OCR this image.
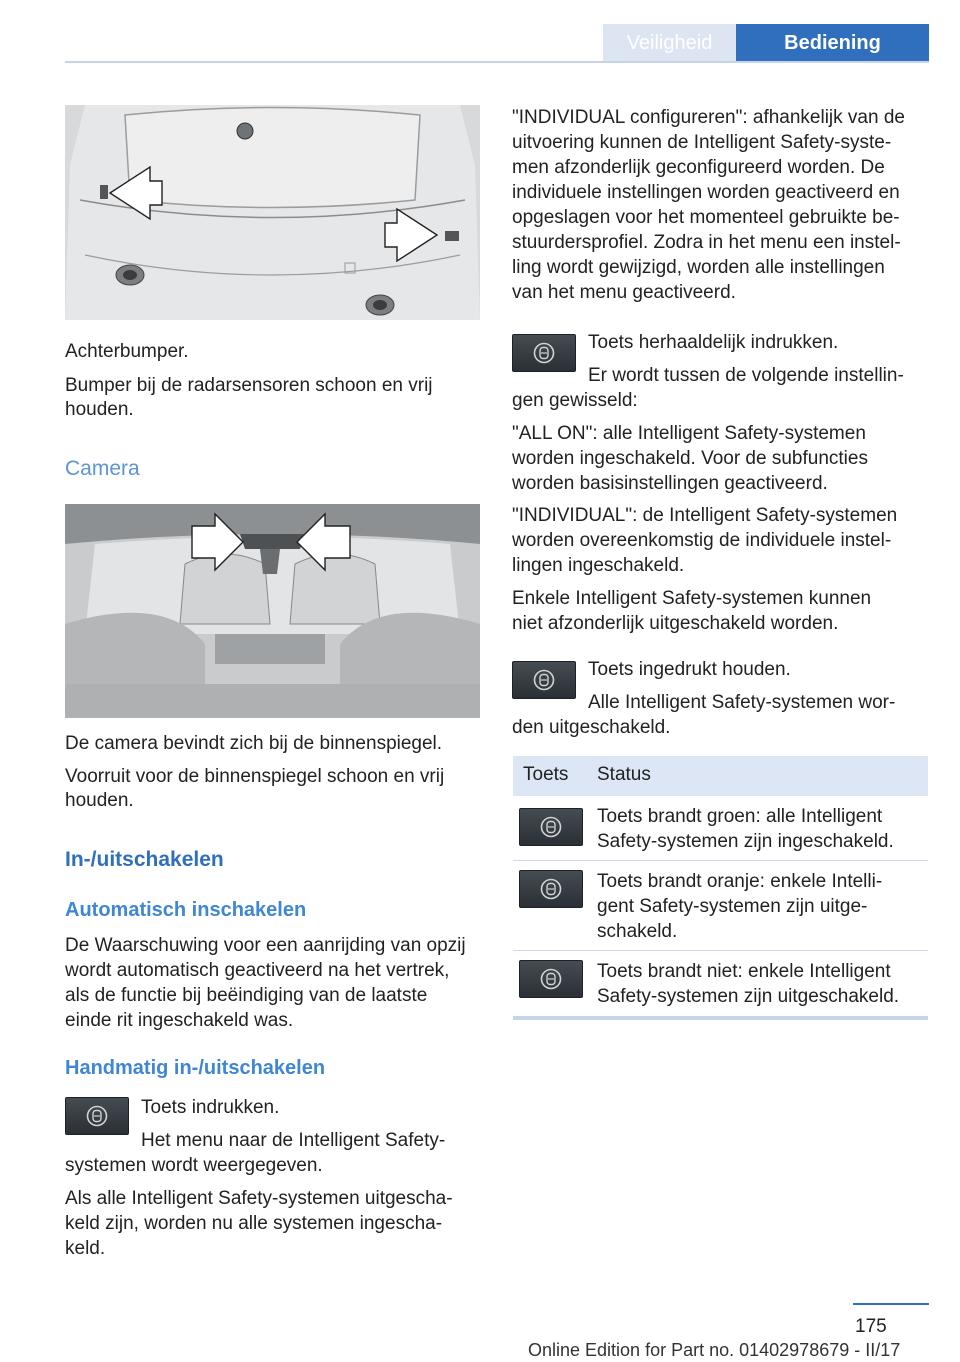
Veiligheid	Bediening
Achterbumper.
Bumper bij de radarsensoren schoon en vrij
houden.
Camera
De camera bevindt zich bij de binnenspiegel.
Voorruit voor de binnenspiegel schoon en vrij
houden.
In-/uitschakelen
Automatisch inschakelen
De Waarschuwing voor een aanrijding van opzij
wordt automatisch geactiveerd na het vertrek,
als de functie bij beëindiging van de laatste
einde rit ingeschakeld was.
Handmatig in-/uitschakelen
Toets indrukken.
Het menu naar de Intelligent Safety-
systemen wordt weergegeven.
Als alle Intelligent Safety-systemen uitgescha-
keld zijn, worden nu alle systemen ingescha-
keld.
"INDIVIDUAL configureren": afhankelijk van de
uitvoering kunnen de Intelligent Safety-syste-
men afzonderlijk geconfigureerd worden. De
individuele instellingen worden geactiveerd en
opgeslagen voor het momenteel gebruikte be-
stuurdersprofiel. Zodra in het menu een instel-
ling wordt gewijzigd, worden alle instellingen
van het menu geactiveerd.
Toets herhaaldelijk indrukken.
Er wordt tussen de volgende instellin-
gen gewisseld:
"ALL ON": alle Intelligent Safety-systemen
worden ingeschakeld. Voor de subfuncties
worden basisinstellingen geactiveerd.
"INDIVIDUAL": de Intelligent Safety-systemen
worden overeenkomstig de individuele instel-
lingen ingeschakeld.
Enkele Intelligent Safety-systemen kunnen
niet afzonderlijk uitgeschakeld worden.
Toets ingedrukt houden.
Alle Intelligent Safety-systemen wor-
den uitgeschakeld.
Toets Status
Toets brandt groen: alle Intelligent
Safety-systemen zijn ingeschakeld.
Toets brandt oranje: enkele Intelli-
gent Safety-systemen zijn uitge-
schakeld.
Toets brandt niet: enkele Intelligent
Safety-systemen zijn uitgeschakeld.
175
Online Edition for Part no. 01402978679 - II/17
